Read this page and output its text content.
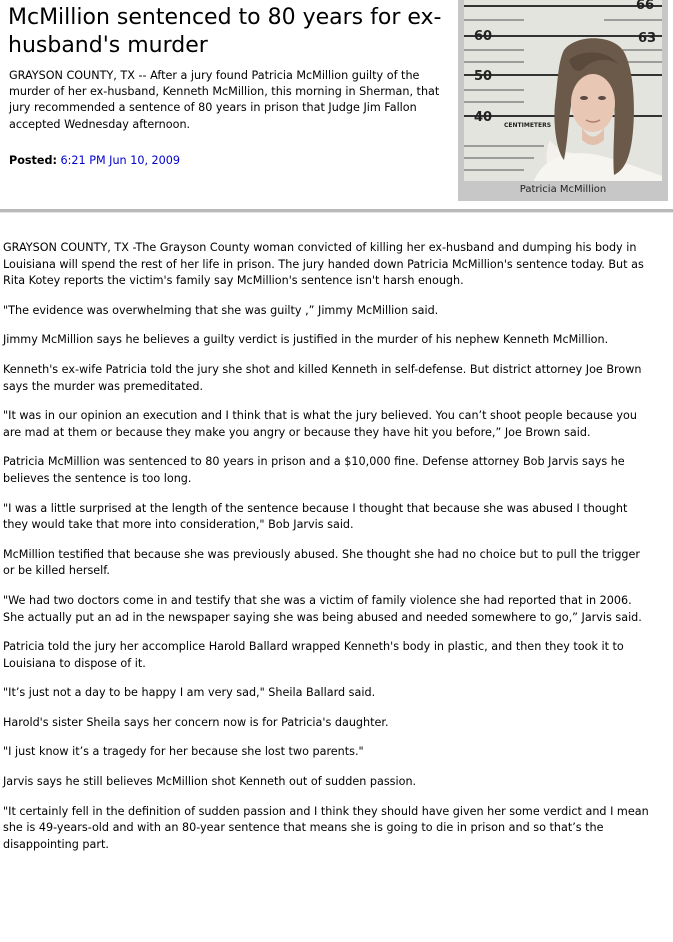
McMillion sentenced to 80 years for ex-husband's murder

GRAYSON COUNTY, TX -- After a jury found Patricia McMillion guilty of the murder of her ex-husband, Kenneth McMillion, this morning in Sherman, that jury recommended a sentence of 80 years in prison that Judge Jim Fallon accepted Wednesday afternoon.

Posted: 6:21 PM Jun 10, 2009
66
63
60
50
40
CENTIMETERS
Patricia McMillion

GRAYSON COUNTY, TX -The Grayson County woman convicted of killing her ex-husband and dumping his body in Louisiana will spend the rest of her life in prison. The jury handed down Patricia McMillion's sentence today. But as Rita Kotey reports the victim's family say McMillion's sentence isn't harsh enough.

"The evidence was overwhelming that she was guilty ,” Jimmy McMillion said.

Jimmy McMillion says he believes a guilty verdict is justified in the murder of his nephew Kenneth McMillion.

Kenneth's ex-wife Patricia told the jury she shot and killed Kenneth in self-defense. But district attorney Joe Brown says the murder was premeditated.

"It was in our opinion an execution and I think that is what the jury believed. You can’t shoot people because you are mad at them or because they make you angry or because they have hit you before,” Joe Brown said.

Patricia McMillion was sentenced to 80 years in prison and a $10,000 fine. Defense attorney Bob Jarvis says he believes the sentence is too long.

"I was a little surprised at the length of the sentence because I thought that because she was abused I thought they would take that more into consideration," Bob Jarvis said.

McMillion testified that because she was previously abused. She thought she had no choice but to pull the trigger or be killed herself.

"We had two doctors come in and testify that she was a victim of family violence she had reported that in 2006. She actually put an ad in the newspaper saying she was being abused and needed somewhere to go,” Jarvis said.

Patricia told the jury her accomplice Harold Ballard wrapped Kenneth's body in plastic, and then they took it to Louisiana to dispose of it.

"It’s just not a day to be happy I am very sad," Sheila Ballard said.

Harold's sister Sheila says her concern now is for Patricia's daughter.

"I just know it’s a tragedy for her because she lost two parents."

Jarvis says he still believes McMillion shot Kenneth out of sudden passion.

"It certainly fell in the definition of sudden passion and I think they should have given her some verdict and I mean she is 49-years-old and with an 80-year sentence that means she is going to die in prison and so that’s the disappointing part.
